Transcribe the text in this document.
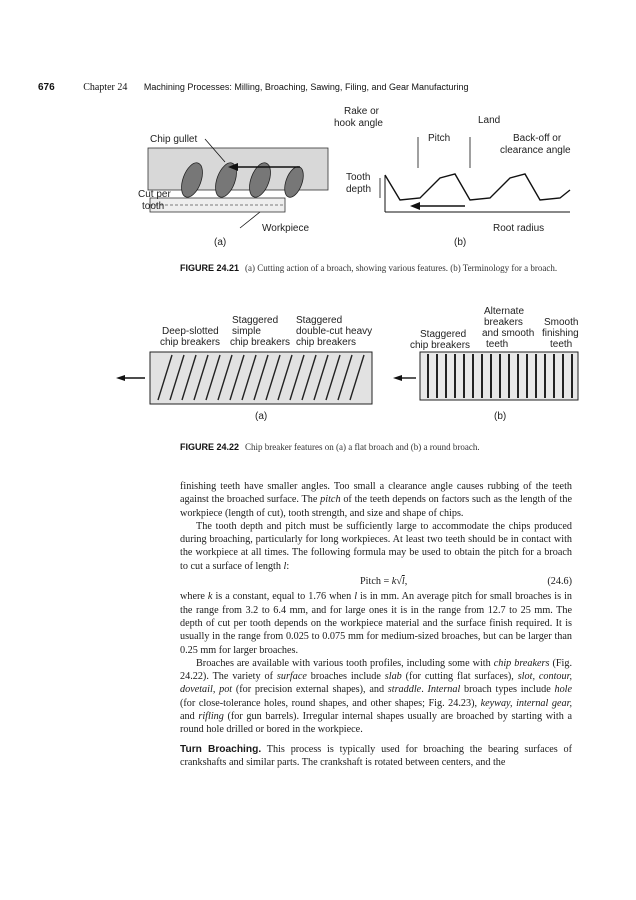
676	Chapter 24 Machining Processes: Milling, Broaching, Sawing, Filing, and Gear Manufacturing
Chip gullet
Cut per
tooth
Workpiece
(a)
Rake or
hook angle	Land
Pitch	Back-off or
clearance angle
Tooth
depth
Root radius
(b)
FIGURE 24.21 (a) Cutting action of a broach, showing various features. (b) Terminology for a broach.
Staggered
simple
chip breakers
Staggered
double-cut heavy
chip breakers
Deep-slotted
chip breakers
(a)
Staggered
chip breakers
Alternate
breakers
and smooth
teeth
Smooth
finishing
teeth
(b)
FIGURE 24.22 Chip breaker features on (a) a flat broach and (b) a round broach.

finishing teeth have smaller angles. Too small a clearance angle causes rubbing of the teeth against the broached surface. The pitch of the teeth depends on factors such as the length of the workpiece (length of cut), tooth strength, and size and shape of chips.

The tooth depth and pitch must be sufficiently large to accommodate the chips produced during broaching, particularly for long workpieces. At least two teeth should be in contact with the workpiece at all times. The following formula may be used to obtain the pitch for a broach to cut a surface of length l:

Pitch = k√l,	(24.6)

where k is a constant, equal to 1.76 when l is in mm. An average pitch for small broaches is in the range from 3.2 to 6.4 mm, and for large ones it is in the range from 12.7 to 25 mm. The depth of cut per tooth depends on the workpiece material and the surface finish required. It is usually in the range from 0.025 to 0.075 mm for medium-sized broaches, but can be larger than 0.25 mm for larger broaches.

Broaches are available with various tooth profiles, including some with chip breakers (Fig. 24.22). The variety of surface broaches include slab (for cutting flat surfaces), slot, contour, dovetail, pot (for precision external shapes), and straddle. Internal broach types include hole (for close-tolerance holes, round shapes, and other shapes; Fig. 24.23), keyway, internal gear, and rifling (for gun barrels). Irregular internal shapes usually are broached by starting with a round hole drilled or bored in the workpiece.

Turn Broaching. This process is typically used for broaching the bearing surfaces of crankshafts and similar parts. The crankshaft is rotated between centers, and the
